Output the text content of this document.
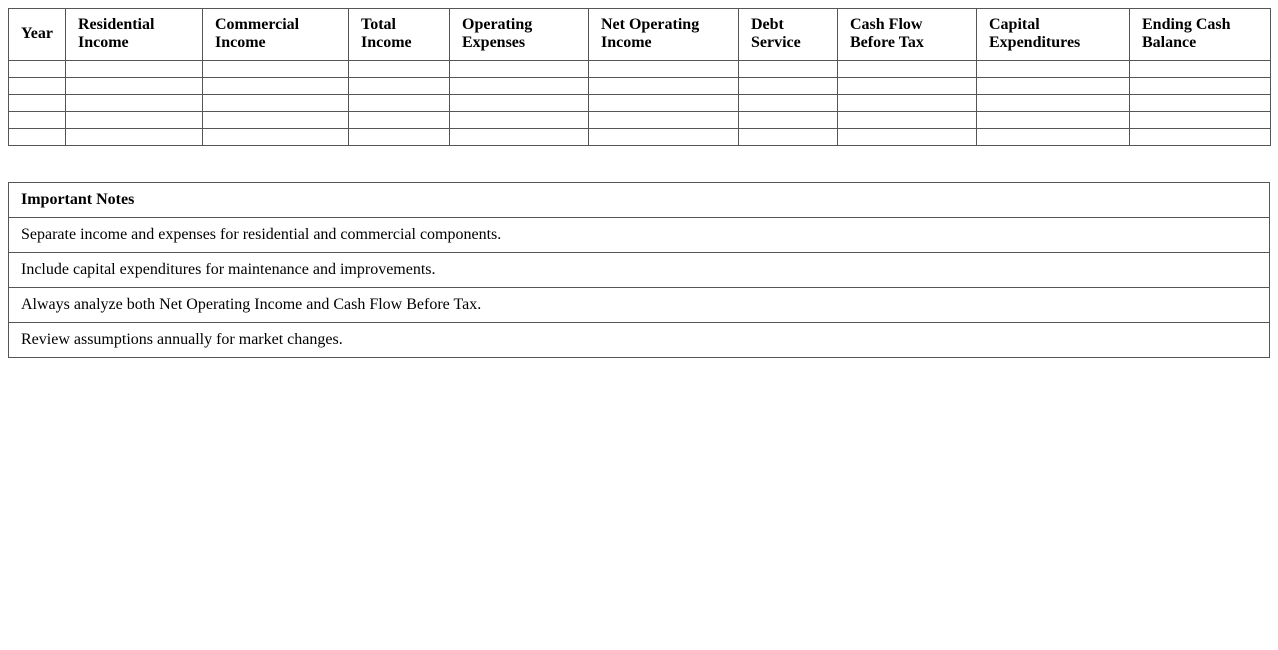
Year	Residential Income	Commercial Income	Total Income	Operating Expenses	Net Operating Income	Debt Service	Cash Flow Before Tax	Capital Expenditures	Ending Cash Balance

Important Notes
Separate income and expenses for residential and commercial components.
Include capital expenditures for maintenance and improvements.
Always analyze both Net Operating Income and Cash Flow Before Tax.
Review assumptions annually for market changes.
